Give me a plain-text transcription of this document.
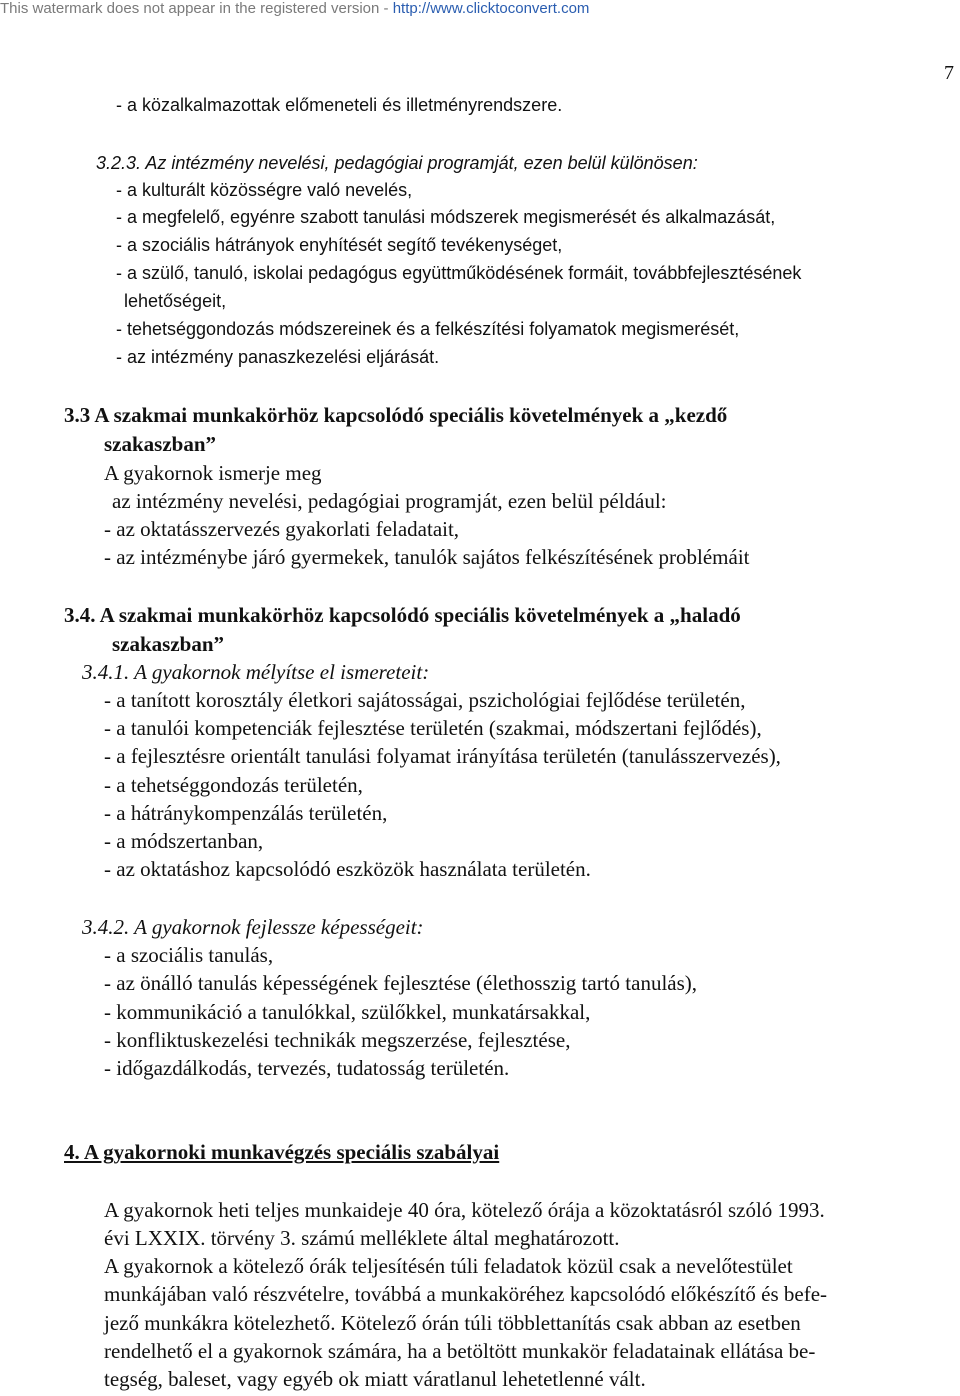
This watermark does not appear in the registered version - http://www.clicktoconvert.com
7
- a közalkalmazottak előmeneteli és illetményrendszere.
3.2.3. Az intézmény nevelési, pedagógiai programját, ezen belül különösen:
- a kulturált közösségre való nevelés,
- a megfelelő, egyénre szabott tanulási módszerek megismerését és alkalmazását,
- a szociális hátrányok enyhítését segítő tevékenységet,
- a szülő, tanuló, iskolai pedagógus együttműködésének formáit, továbbfejlesztésének
lehetőségeit,
- tehetséggondozás módszereinek és a felkészítési folyamatok megismerését,
- az intézmény panaszkezelési eljárását.
3.3 A szakmai munkakörhöz kapcsolódó speciális követelmények a „kezdő
szakaszban”
A gyakornok ismerje meg
az intézmény nevelési, pedagógiai programját, ezen belül például:
- az oktatásszervezés gyakorlati feladatait,
- az intézménybe járó gyermekek, tanulók sajátos felkészítésének problémáit
3.4. A szakmai munkakörhöz kapcsolódó speciális követelmények a „haladó
szakaszban”
3.4.1. A gyakornok mélyítse el ismereteit:
- a tanított korosztály életkori sajátosságai, pszichológiai fejlődése területén,
- a tanulói kompetenciák fejlesztése területén (szakmai, módszertani fejlődés),
- a fejlesztésre orientált tanulási folyamat irányítása területén (tanulásszervezés),
- a tehetséggondozás területén,
- a hátránykompenzálás területén,
- a módszertanban,
- az oktatáshoz kapcsolódó eszközök használata területén.
3.4.2. A gyakornok fejlessze képességeit:
- a szociális tanulás,
- az önálló tanulás képességének fejlesztése (élethosszig tartó tanulás),
- kommunikáció a tanulókkal, szülőkkel, munkatársakkal,
- konfliktuskezelési technikák megszerzése, fejlesztése,
- időgazdálkodás, tervezés, tudatosság területén.
4. A gyakornoki munkavégzés speciális szabályai
A gyakornok heti teljes munkaideje 40 óra, kötelező órája a közoktatásról szóló 1993.
évi LXXIX. törvény 3. számú melléklete által meghatározott.
A gyakornok a kötelező órák teljesítésén túli feladatok közül csak a nevelőtestület
munkájában való részvételre, továbbá a munkaköréhez kapcsolódó előkészítő és befe-
jező munkákra kötelezhető. Kötelező órán túli többlettanítás csak abban az esetben
rendelhető el a gyakornok számára, ha a betöltött munkakör feladatainak ellátása be-
tegség, baleset, vagy egyéb ok miatt váratlanul lehetetlenné vált.
